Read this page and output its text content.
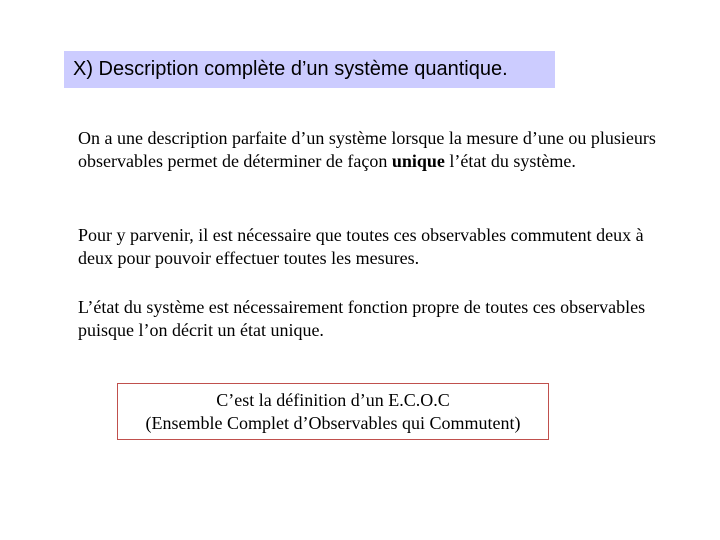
X) Description complète d’un système quantique.

On a une description parfaite d’un système lorsque la mesure d’une ou plusieurs observables permet de déterminer de façon unique l’état du système.

Pour y parvenir, il est nécessaire que toutes ces observables commutent deux à deux pour pouvoir effectuer toutes les mesures.

L’état du système est nécessairement fonction propre de toutes ces observables puisque l’on décrit un état unique.

C’est la définition d’un E.C.O.C
(Ensemble Complet d’Observables qui Commutent)
